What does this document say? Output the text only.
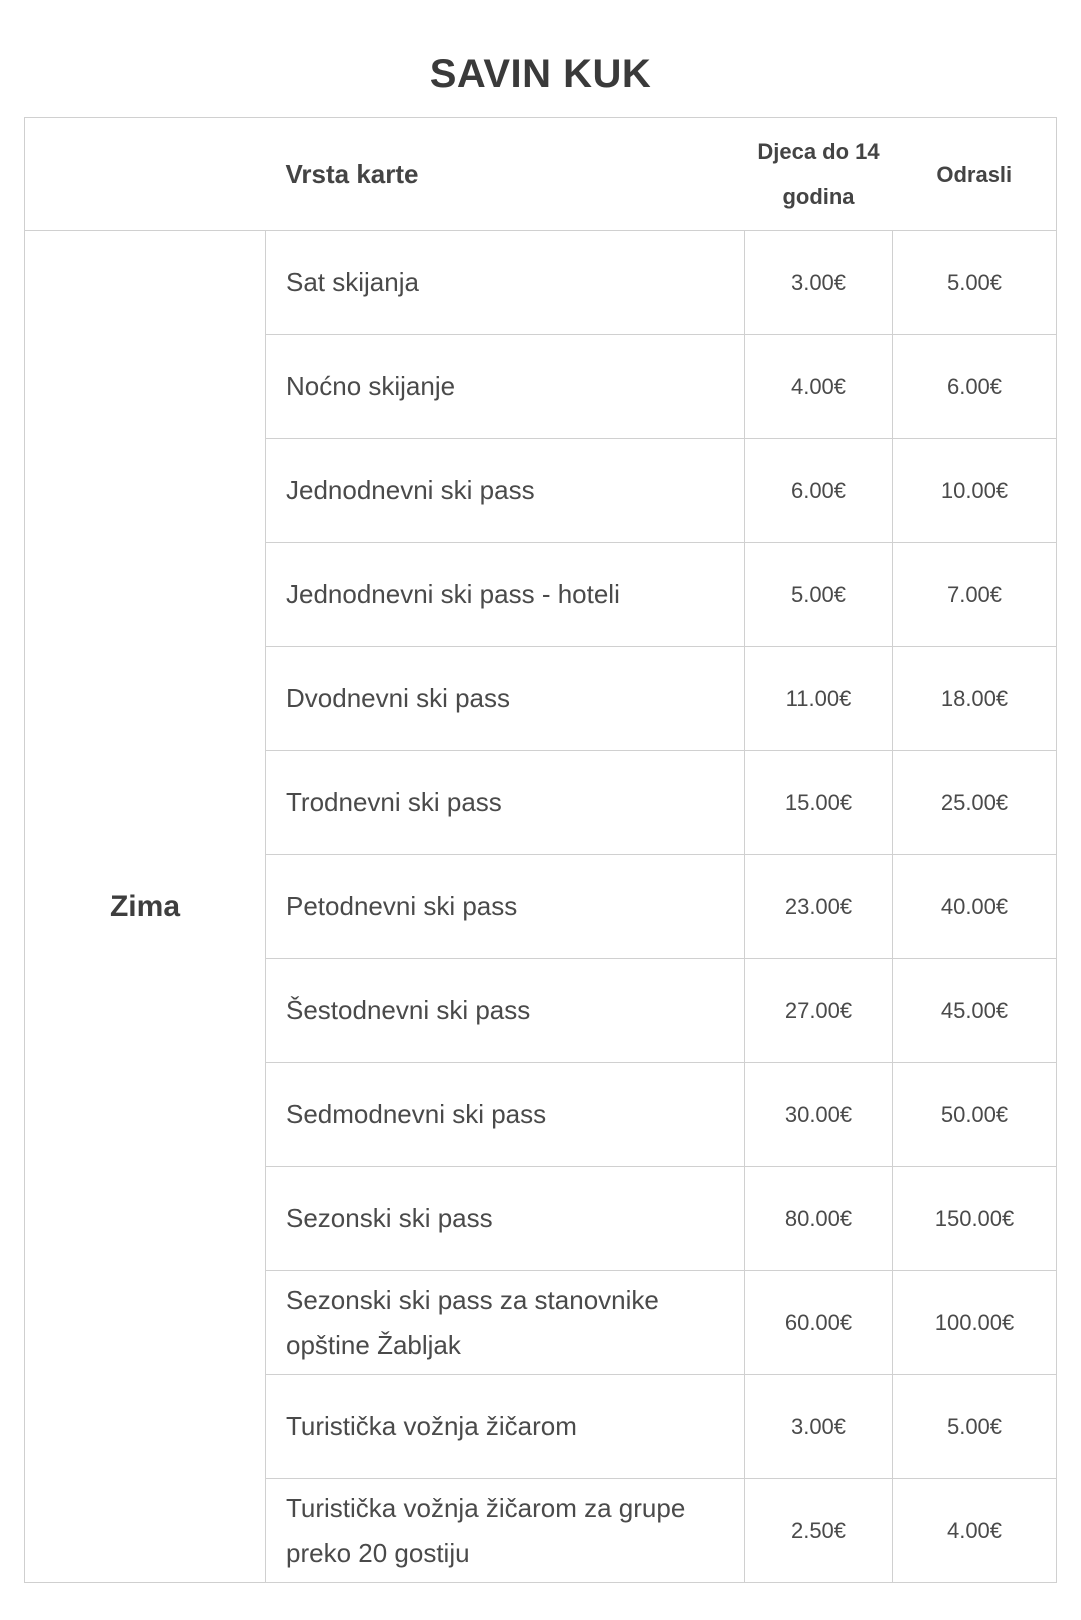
SAVIN KUK
	Vrsta karte	Djeca do 14 godina	Odrasli
Zima	Sat skijanja	3.00€	5.00€
	Noćno skijanje	4.00€	6.00€
	Jednodnevni ski pass	6.00€	10.00€
	Jednodnevni ski pass - hoteli	5.00€	7.00€
	Dvodnevni ski pass	11.00€	18.00€
	Trodnevni ski pass	15.00€	25.00€
	Petodnevni ski pass	23.00€	40.00€
	Šestodnevni ski pass	27.00€	45.00€
	Sedmodnevni ski pass	30.00€	50.00€
	Sezonski ski pass	80.00€	150.00€
	Sezonski ski pass za stanovnike opštine Žabljak	60.00€	100.00€
	Turistička vožnja žičarom	3.00€	5.00€
	Turistička vožnja žičarom za grupe preko 20 gostiju	2.50€	4.00€
